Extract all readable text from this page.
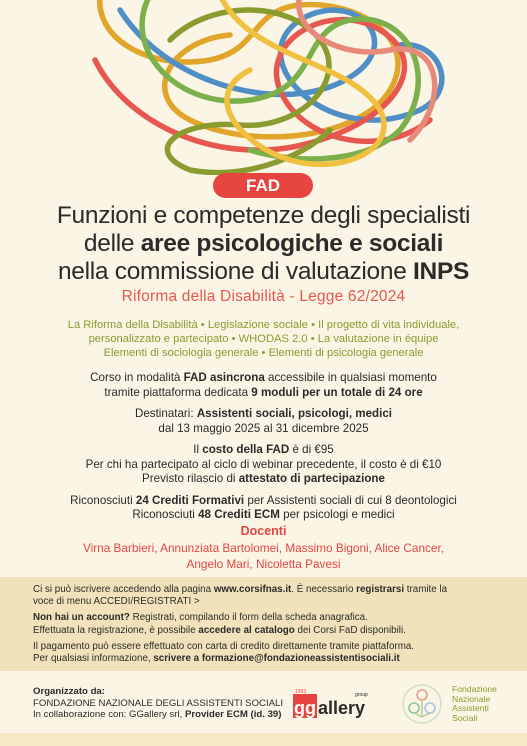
FAD
Funzioni e competenze degli specialisti
delle aree psicologiche e sociali
nella commissione di valutazione INPS
Riforma della Disabilità - Legge 62/2024
La Riforma della Disabilità • Legislazione sociale • Il progetto di vita individuale,
personalizzato e partecipato • WHODAS 2.0 • La valutazione in équipe
Elementi di sociologia generale • Elementi di psicologia generale

Corso in modalità FAD asincrona accessibile in qualsiasi momento

tramite piattaforma dedicata 9 moduli per un totale di 24 ore

Destinatari: Assistenti sociali, psicologi, medici

dal 13 maggio 2025 al 31 dicembre 2025

Il costo della FAD è di €95

Per chi ha partecipato al ciclo di webinar precedente, il costo è di €10

Previsto rilascio di attestato di partecipazione

Riconosciuti 24 Crediti Formativi per Assistenti sociali di cui 8 deontologici

Riconosciuti 48 Crediti ECM per psicologi e medici

Docenti
Virna Barbieri, Annunziata Bartolomei, Massimo Bigoni, Alice Cancer,
Angelo Mari, Nicoletta Pavesi

Ci si può iscrivere accedendo alla pagina www.corsifnas.it. È necessario registrarsi tramite la

voce di menu ACCEDI/REGISTRATI >

Non hai un account? Registrati, compilando il form della scheda anagrafica.

Effettuata la registrazione, è possibile accedere al catalogo dei Corsi FaD disponibili.

Il pagamento può essere effettuato con carta di credito direttamente tramite piattaforma.

Per qualsiasi informazione, scrivere a formazione@fondazioneassistentisociali.it

Organizzato da:

FONDAZIONE NAZIONALE DEGLI ASSISTENTI SOCIALI

In collaborazione con: GGallery srl, Provider ECM (id. 39)

1993
gg allery
group
Fondazione
Nazionale
Assistenti
Sociali
